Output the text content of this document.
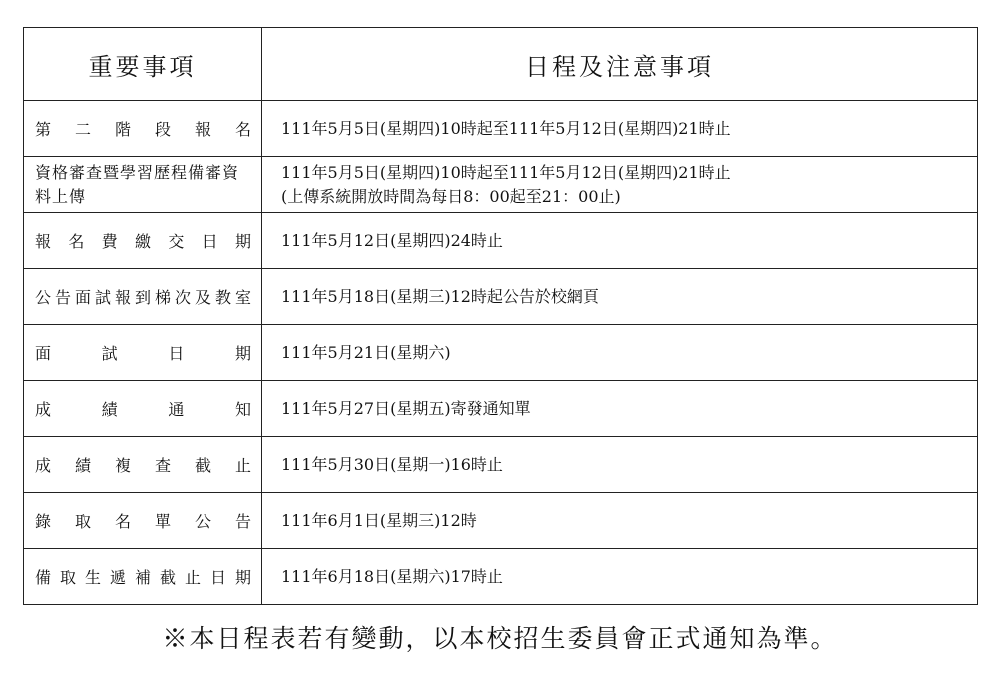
重要事項	日程及注意事項
第二階段報名	111年5月5日(星期四)10時起至111年5月12日(星期四)21時止

資格審查暨學習歷程備審資料上傳	111年5月5日(星期四)10時起至111年5月12日(星期四)21時止
(上傳系統開放時間為每日8：00起至21：00止)

報名費繳交日期	111年5月12日(星期四)24時止

公告面試報到梯次及教室	111年5月18日(星期三)12時起公告於校網頁

面試日期	111年5月21日(星期六)

成績通知	111年5月27日(星期五)寄發通知單

成績複查截止	111年5月30日(星期一)16時止

錄取名單公告	111年6月1日(星期三)12時

備取生遞補截止日期	111年6月18日(星期六)17時止
※本日程表若有變動，以本校招生委員會正式通知為準。
